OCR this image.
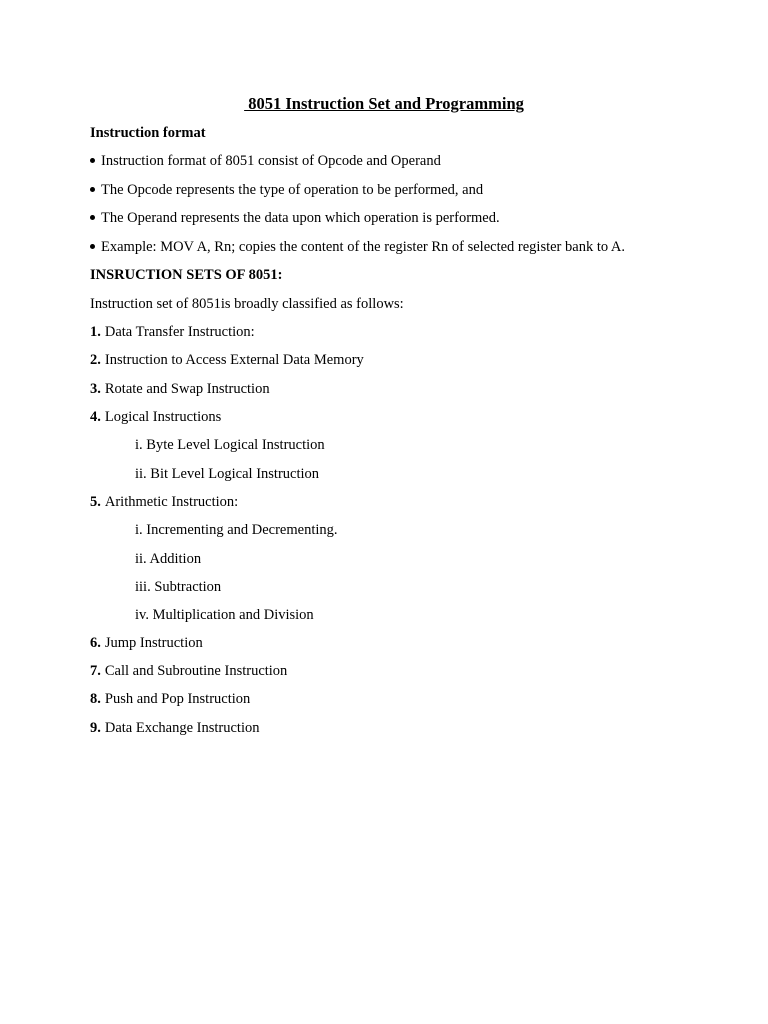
8051 Instruction Set and Programming
Instruction format
Instruction format of 8051 consist of Opcode and Operand
The Opcode represents the type of operation to be performed, and
The Operand represents the data upon which operation is performed.
Example: MOV A, Rn; copies the content of the register Rn of selected register bank to A.
INSRUCTION SETS OF 8051:
Instruction set of 8051is broadly classified as follows:
1. Data Transfer Instruction:
2. Instruction to Access External Data Memory
3. Rotate and Swap Instruction
4. Logical Instructions
i. Byte Level Logical Instruction
ii. Bit Level Logical Instruction
5. Arithmetic Instruction:
i. Incrementing and Decrementing.
ii. Addition
iii. Subtraction
iv. Multiplication and Division
6. Jump Instruction
7. Call and Subroutine Instruction
8. Push and Pop Instruction
9. Data Exchange Instruction
